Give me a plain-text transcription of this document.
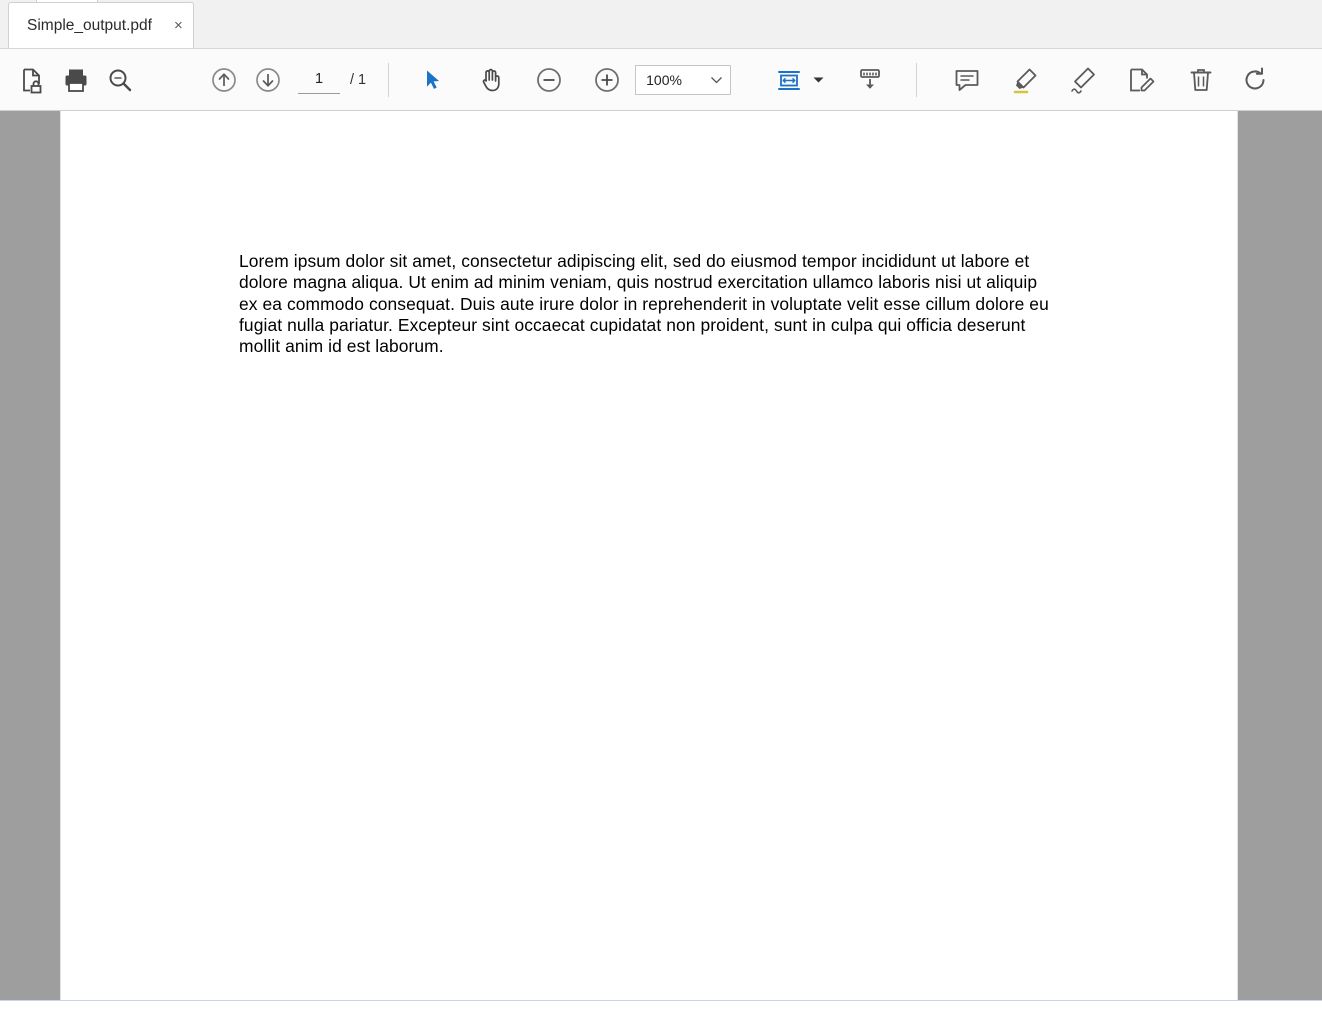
Simple_output.pdf ×
1
/ 1	100%
Lorem ipsum dolor sit amet, consectetur adipiscing elit, sed do eiusmod tempor incididunt ut labore et dolore magna aliqua. Ut enim ad minim veniam, quis nostrud exercitation ullamco laboris nisi ut aliquip ex ea commodo consequat. Duis aute irure dolor in reprehenderit in voluptate velit esse cillum dolore eu fugiat nulla pariatur. Excepteur sint occaecat cupidatat non proident, sunt in culpa qui officia deserunt mollit anim id est laborum.
